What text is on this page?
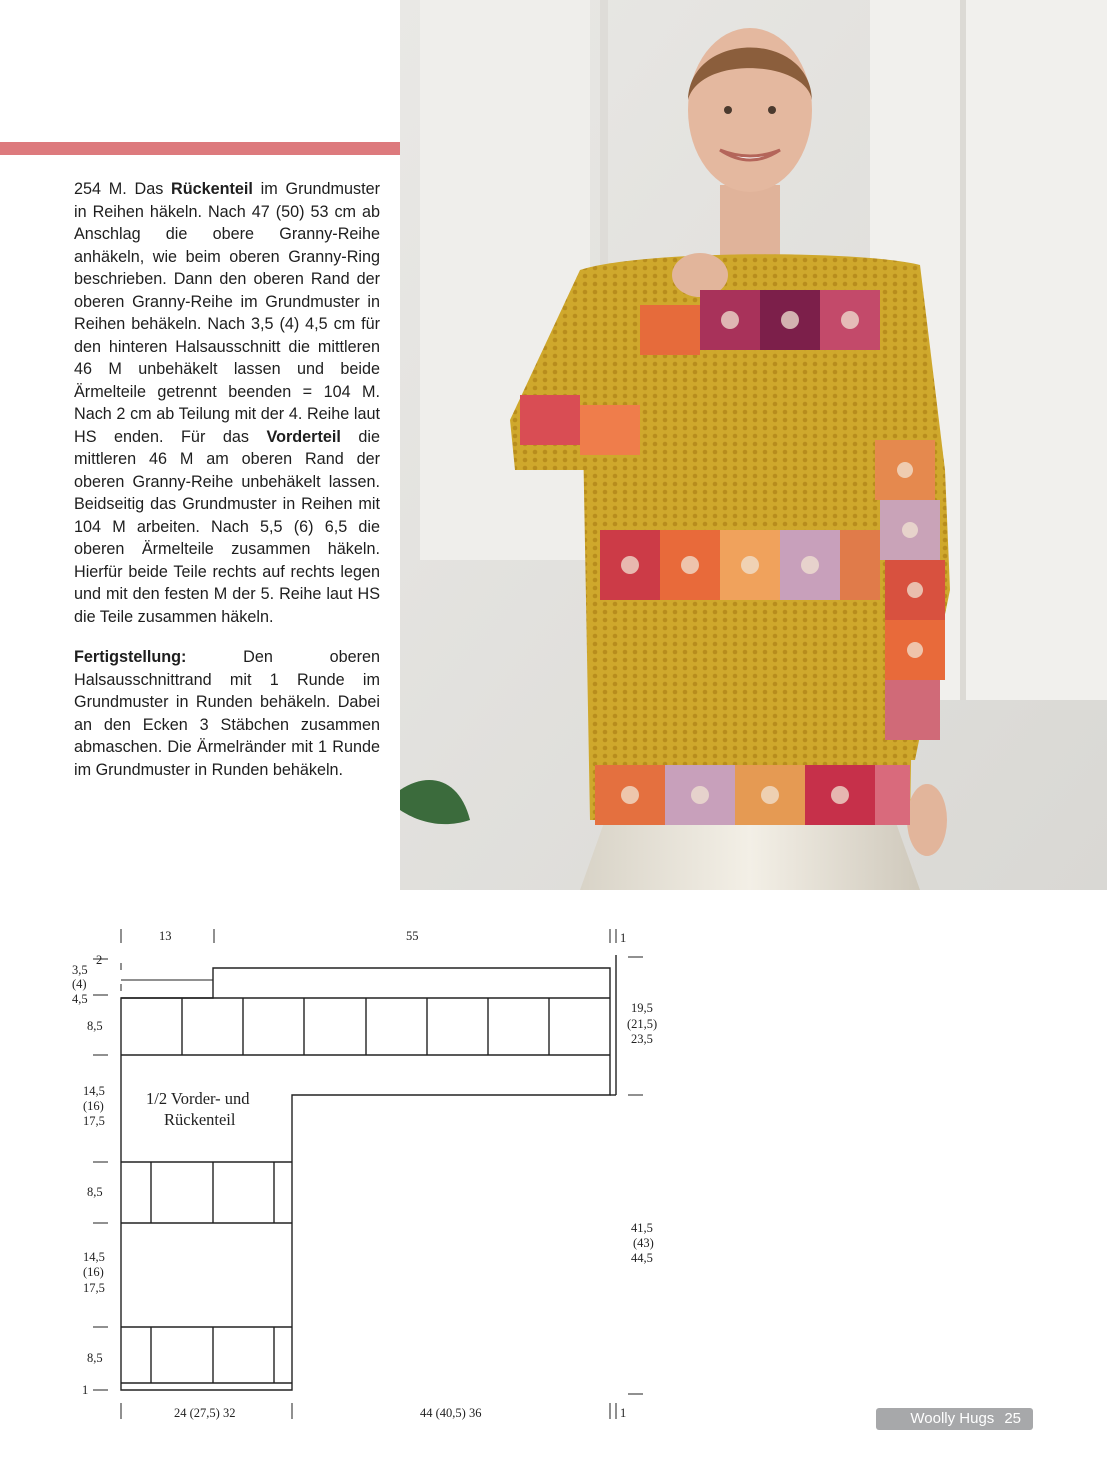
254 M. Das Rückenteil im Grundmuster in Reihen häkeln. Nach 47 (50) 53 cm ab Anschlag die obere Granny-Reihe anhäkeln, wie beim oberen Granny-Ring beschrieben. Dann den oberen Rand der oberen Granny-Reihe im Grundmuster in Reihen behäkeln. Nach 3,5 (4) 4,5 cm für den hinteren Halsausschnitt die mittleren 46 M unbehäkelt lassen und beide Ärmelteile getrennt beenden = 104 M. Nach 2 cm ab Teilung mit der 4. Reihe laut HS enden. Für das Vorderteil die mittleren 46 M am oberen Rand der oberen Granny-Reihe unbehäkelt lassen. Beidseitig das Grundmuster in Reihen mit 104 M arbeiten. Nach 5,5 (6) 6,5 die oberen Ärmelteile zusammen häkeln. Hierfür beide Teile rechts auf rechts legen und mit den festen M der 5. Reihe laut HS die Teile zusammen häkeln.

Fertigstellung: Den oberen Halsausschnittrand mit 1 Runde im Grundmuster in Runden behäkeln. Dabei an den Ecken 3 Stäbchen zusammen abmaschen. Die Ärmelränder mit 1 Runde im Grundmuster in Runden behäkeln.

13	55	1
2
3,5
(4)
4,5
8,5
14,5
(16)
17,5
8,5
14,5
(16)
17,5
8,5
1
19,5
(21,5)
23,5
41,5
(43)
44,5
24 (27,5) 32	44 (40,5) 36	1
1/2 Vorder- und
Rückenteil
Woolly Hugs 25
